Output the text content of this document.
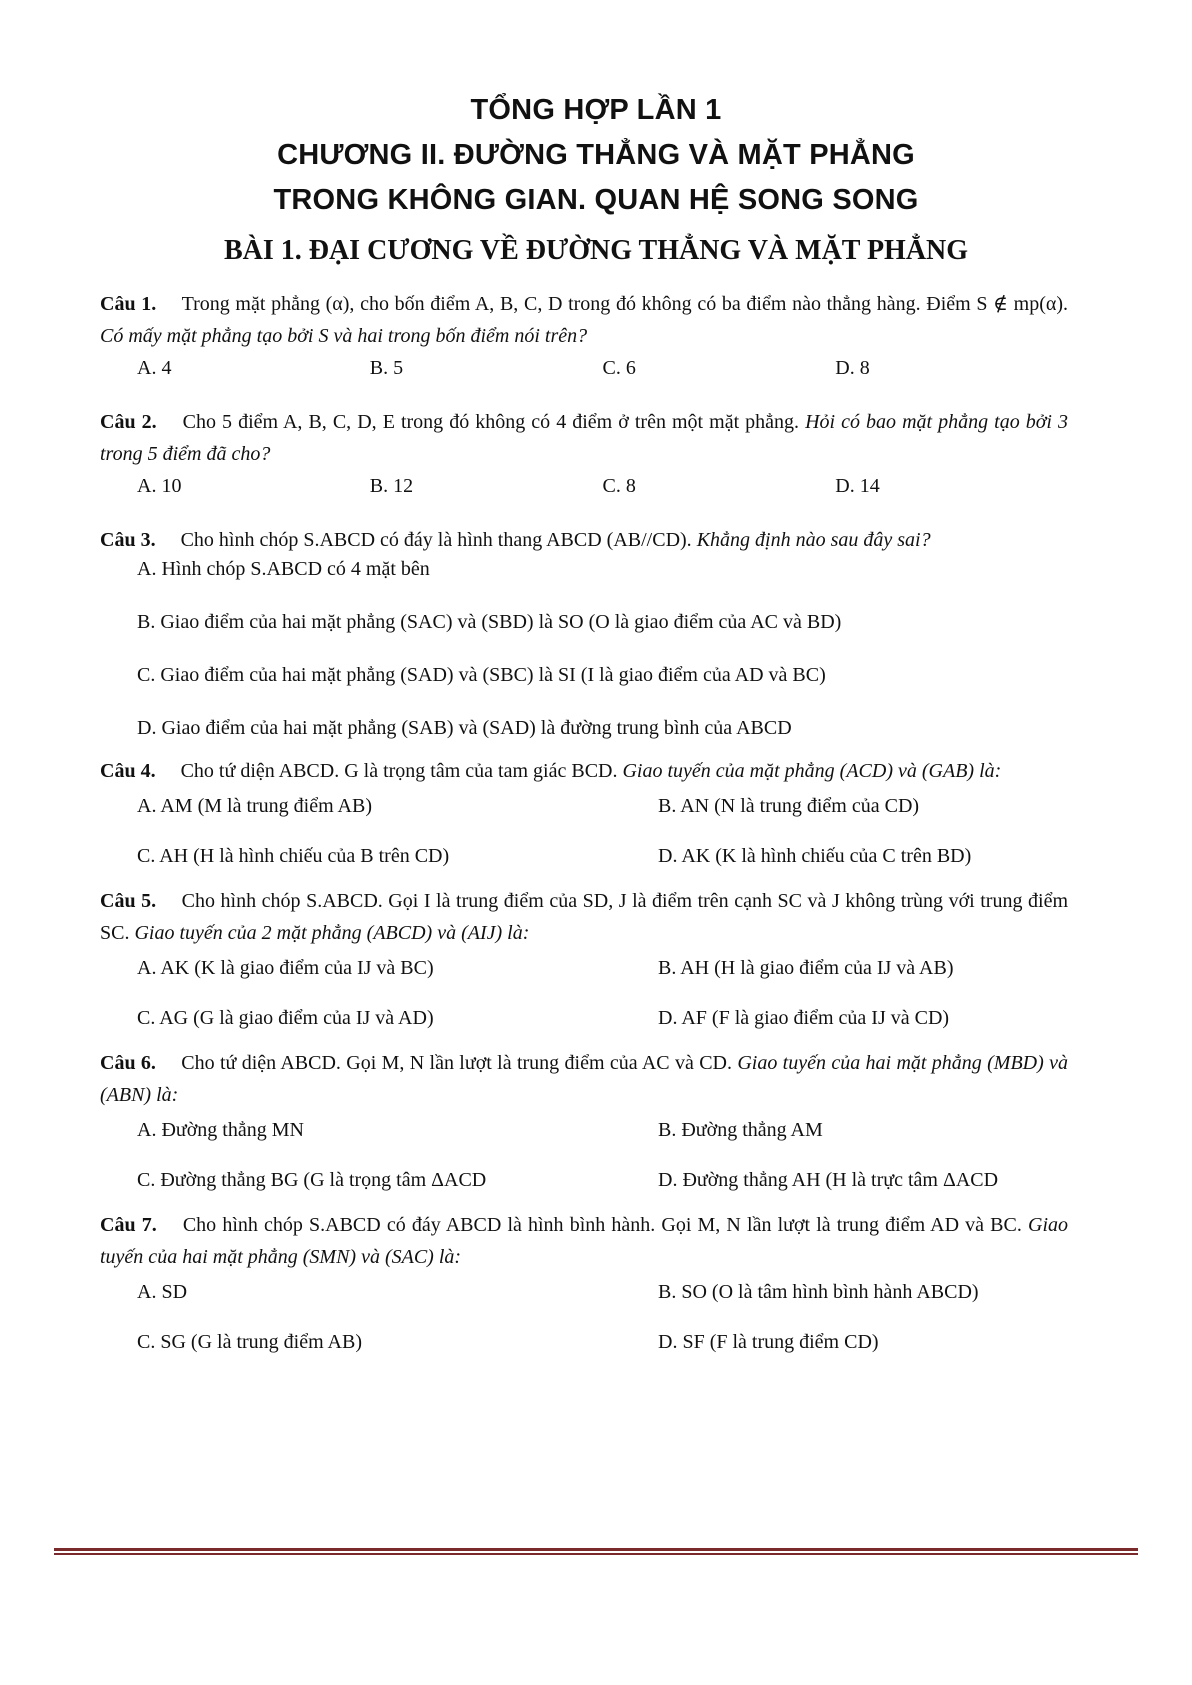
TỔNG HỢP LẦN 1
CHƯƠNG II. ĐƯỜNG THẲNG VÀ MẶT PHẲNG
TRONG KHÔNG GIAN. QUAN HỆ SONG SONG
BÀI 1. ĐẠI CƯƠNG VỀ ĐƯỜNG THẲNG VÀ MẶT PHẲNG
Câu 1. Trong mặt phẳng (α), cho bốn điểm A, B, C, D trong đó không có ba điểm nào thẳng hàng. Điểm S ∉ mp(α). Có mấy mặt phẳng tạo bởi S và hai trong bốn điểm nói trên?
A. 4	B. 5	C. 6	D. 8
Câu 2. Cho 5 điểm A, B, C, D, E trong đó không có 4 điểm ở trên một mặt phẳng. Hỏi có bao mặt phẳng tạo bởi 3 trong 5 điểm đã cho?
A. 10	B. 12	C. 8	D. 14
Câu 3. Cho hình chóp S.ABCD có đáy là hình thang ABCD (AB//CD). Khẳng định nào sau đây sai?
A. Hình chóp S.ABCD có 4 mặt bên
B. Giao điểm của hai mặt phẳng (SAC) và (SBD) là SO (O là giao điểm của AC và BD)
C. Giao điểm của hai mặt phẳng (SAD) và (SBC) là SI (I là giao điểm của AD và BC)
D. Giao điểm của hai mặt phẳng (SAB) và (SAD) là đường trung bình của ABCD
Câu 4. Cho tứ diện ABCD. G là trọng tâm của tam giác BCD. Giao tuyến của mặt phẳng (ACD) và (GAB) là:
A. AM (M là trung điểm AB)	B. AN (N là trung điểm của CD)
C. AH (H là hình chiếu của B trên CD)	D. AK (K là hình chiếu của C trên BD)
Câu 5. Cho hình chóp S.ABCD. Gọi I là trung điểm của SD, J là điểm trên cạnh SC và J không trùng với trung điểm SC. Giao tuyến của 2 mặt phẳng (ABCD) và (AIJ) là:
A. AK (K là giao điểm của IJ và BC)	B. AH (H là giao điểm của IJ và AB)
C. AG (G là giao điểm của IJ và AD)	D. AF (F là giao điểm của IJ và CD)
Câu 6. Cho tứ diện ABCD. Gọi M, N lần lượt là trung điểm của AC và CD. Giao tuyến của hai mặt phẳng (MBD) và (ABN) là:
A. Đường thẳng MN	B. Đường thẳng AM
C. Đường thẳng BG (G là trọng tâm ΔACD	D. Đường thẳng AH (H là trực tâm ΔACD
Câu 7. Cho hình chóp S.ABCD có đáy ABCD là hình bình hành. Gọi M, N lần lượt là trung điểm AD và BC. Giao tuyến của hai mặt phẳng (SMN) và (SAC) là:
A. SD	B. SO (O là tâm hình bình hành ABCD)
C. SG (G là trung điểm AB)	D. SF (F là trung điểm CD)
